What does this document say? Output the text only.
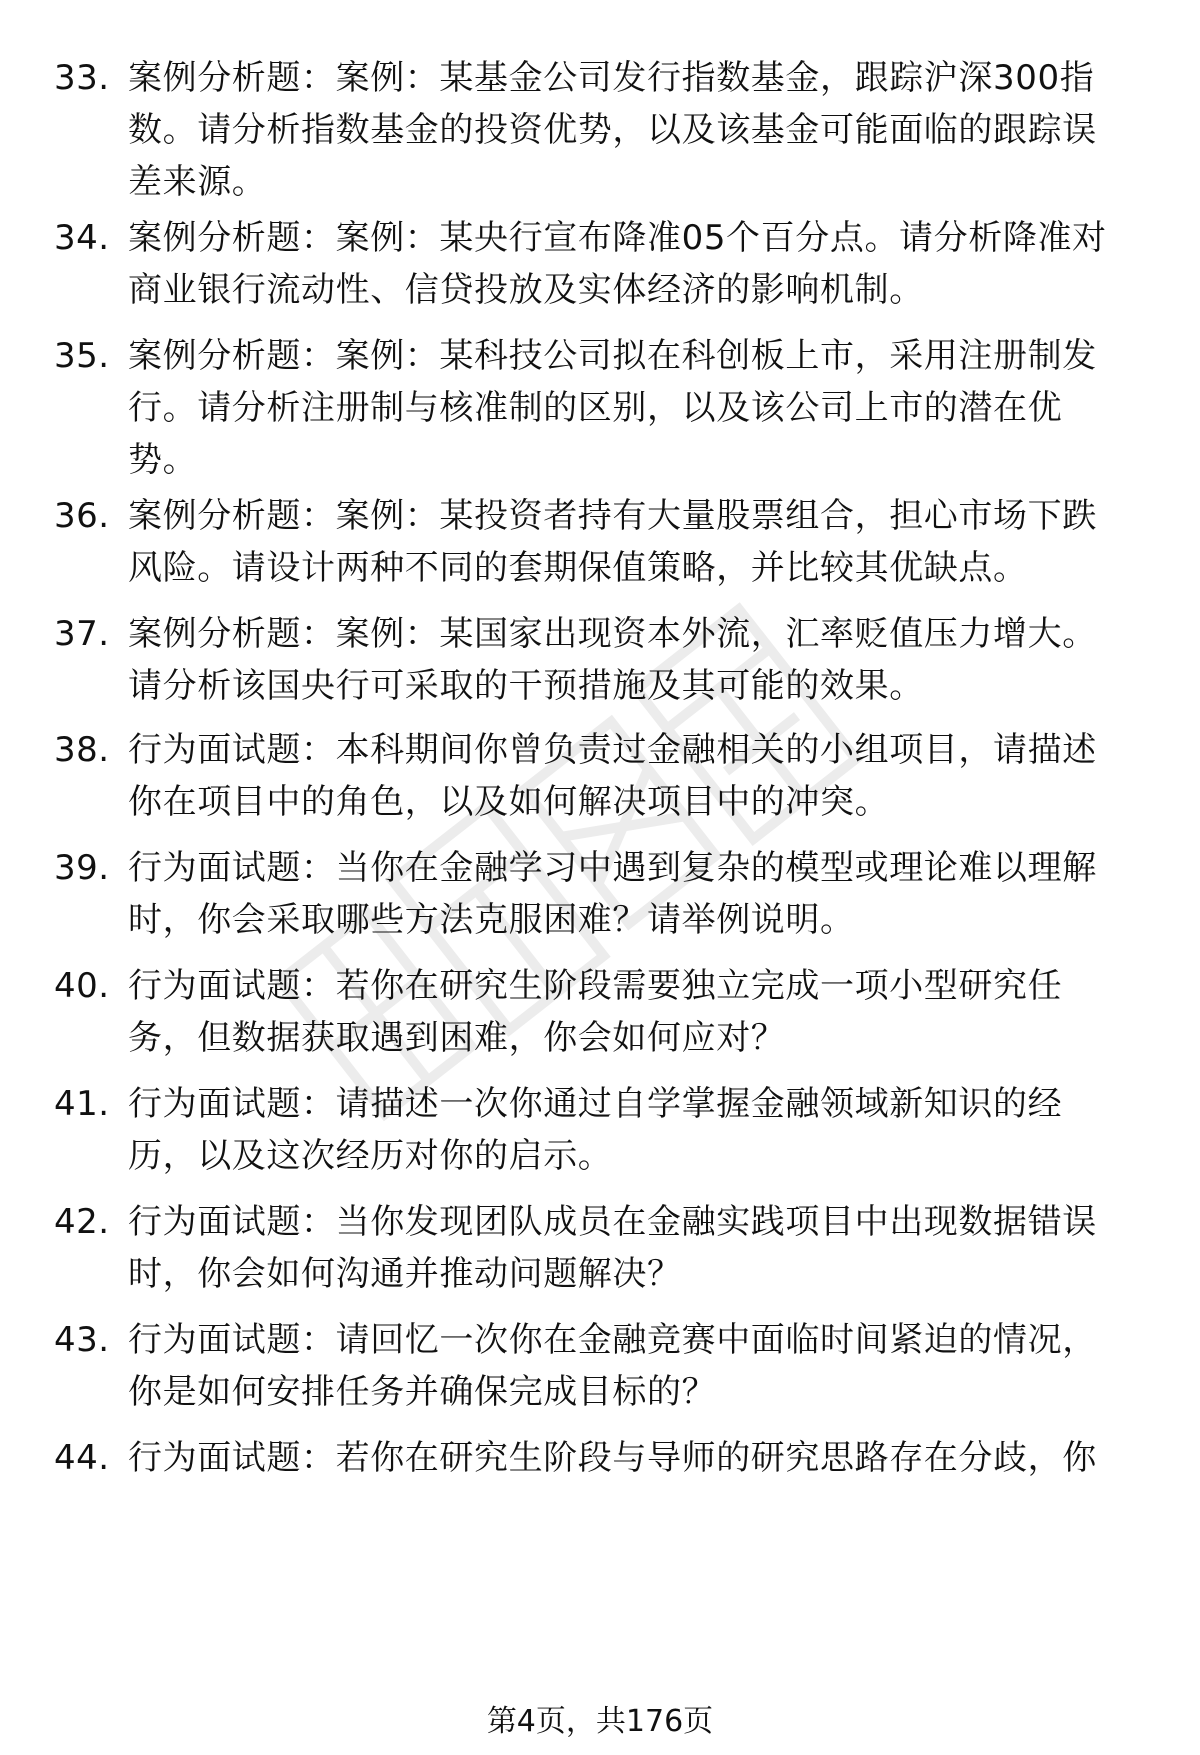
33. 案例分析题：案例：某基金公司发行指数基金，跟踪沪深300指
数。请分析指数基金的投资优势，以及该基金可能面临的跟踪误
差来源。
34. 案例分析题：案例：某央行宣布降准05个百分点。请分析降准对
商业银行流动性、信贷投放及实体经济的影响机制。
35. 案例分析题：案例：某科技公司拟在科创板上市，采用注册制发
行。请分析注册制与核准制的区别，以及该公司上市的潜在优
势。
36. 案例分析题：案例：某投资者持有大量股票组合，担心市场下跌
风险。请设计两种不同的套期保值策略，并比较其优缺点。
37. 案例分析题：案例：某国家出现资本外流，汇率贬值压力增大。
请分析该国央行可采取的干预措施及其可能的效果。
38. 行为面试题：本科期间你曾负责过金融相关的小组项目，请描述
你在项目中的角色，以及如何解决项目中的冲突。
39. 行为面试题：当你在金融学习中遇到复杂的模型或理论难以理解
时，你会采取哪些方法克服困难？请举例说明。
40. 行为面试题：若你在研究生阶段需要独立完成一项小型研究任
务，但数据获取遇到困难，你会如何应对？
41. 行为面试题：请描述一次你通过自学掌握金融领域新知识的经
历，以及这次经历对你的启示。
42. 行为面试题：当你发现团队成员在金融实践项目中出现数据错误
时，你会如何沟通并推动问题解决？
43. 行为面试题：请回忆一次你在金融竞赛中面临时间紧迫的情况，
你是如何安排任务并确保完成目标的？
44. 行为面试题：若你在研究生阶段与导师的研究思路存在分歧，你
第4页，共176页
